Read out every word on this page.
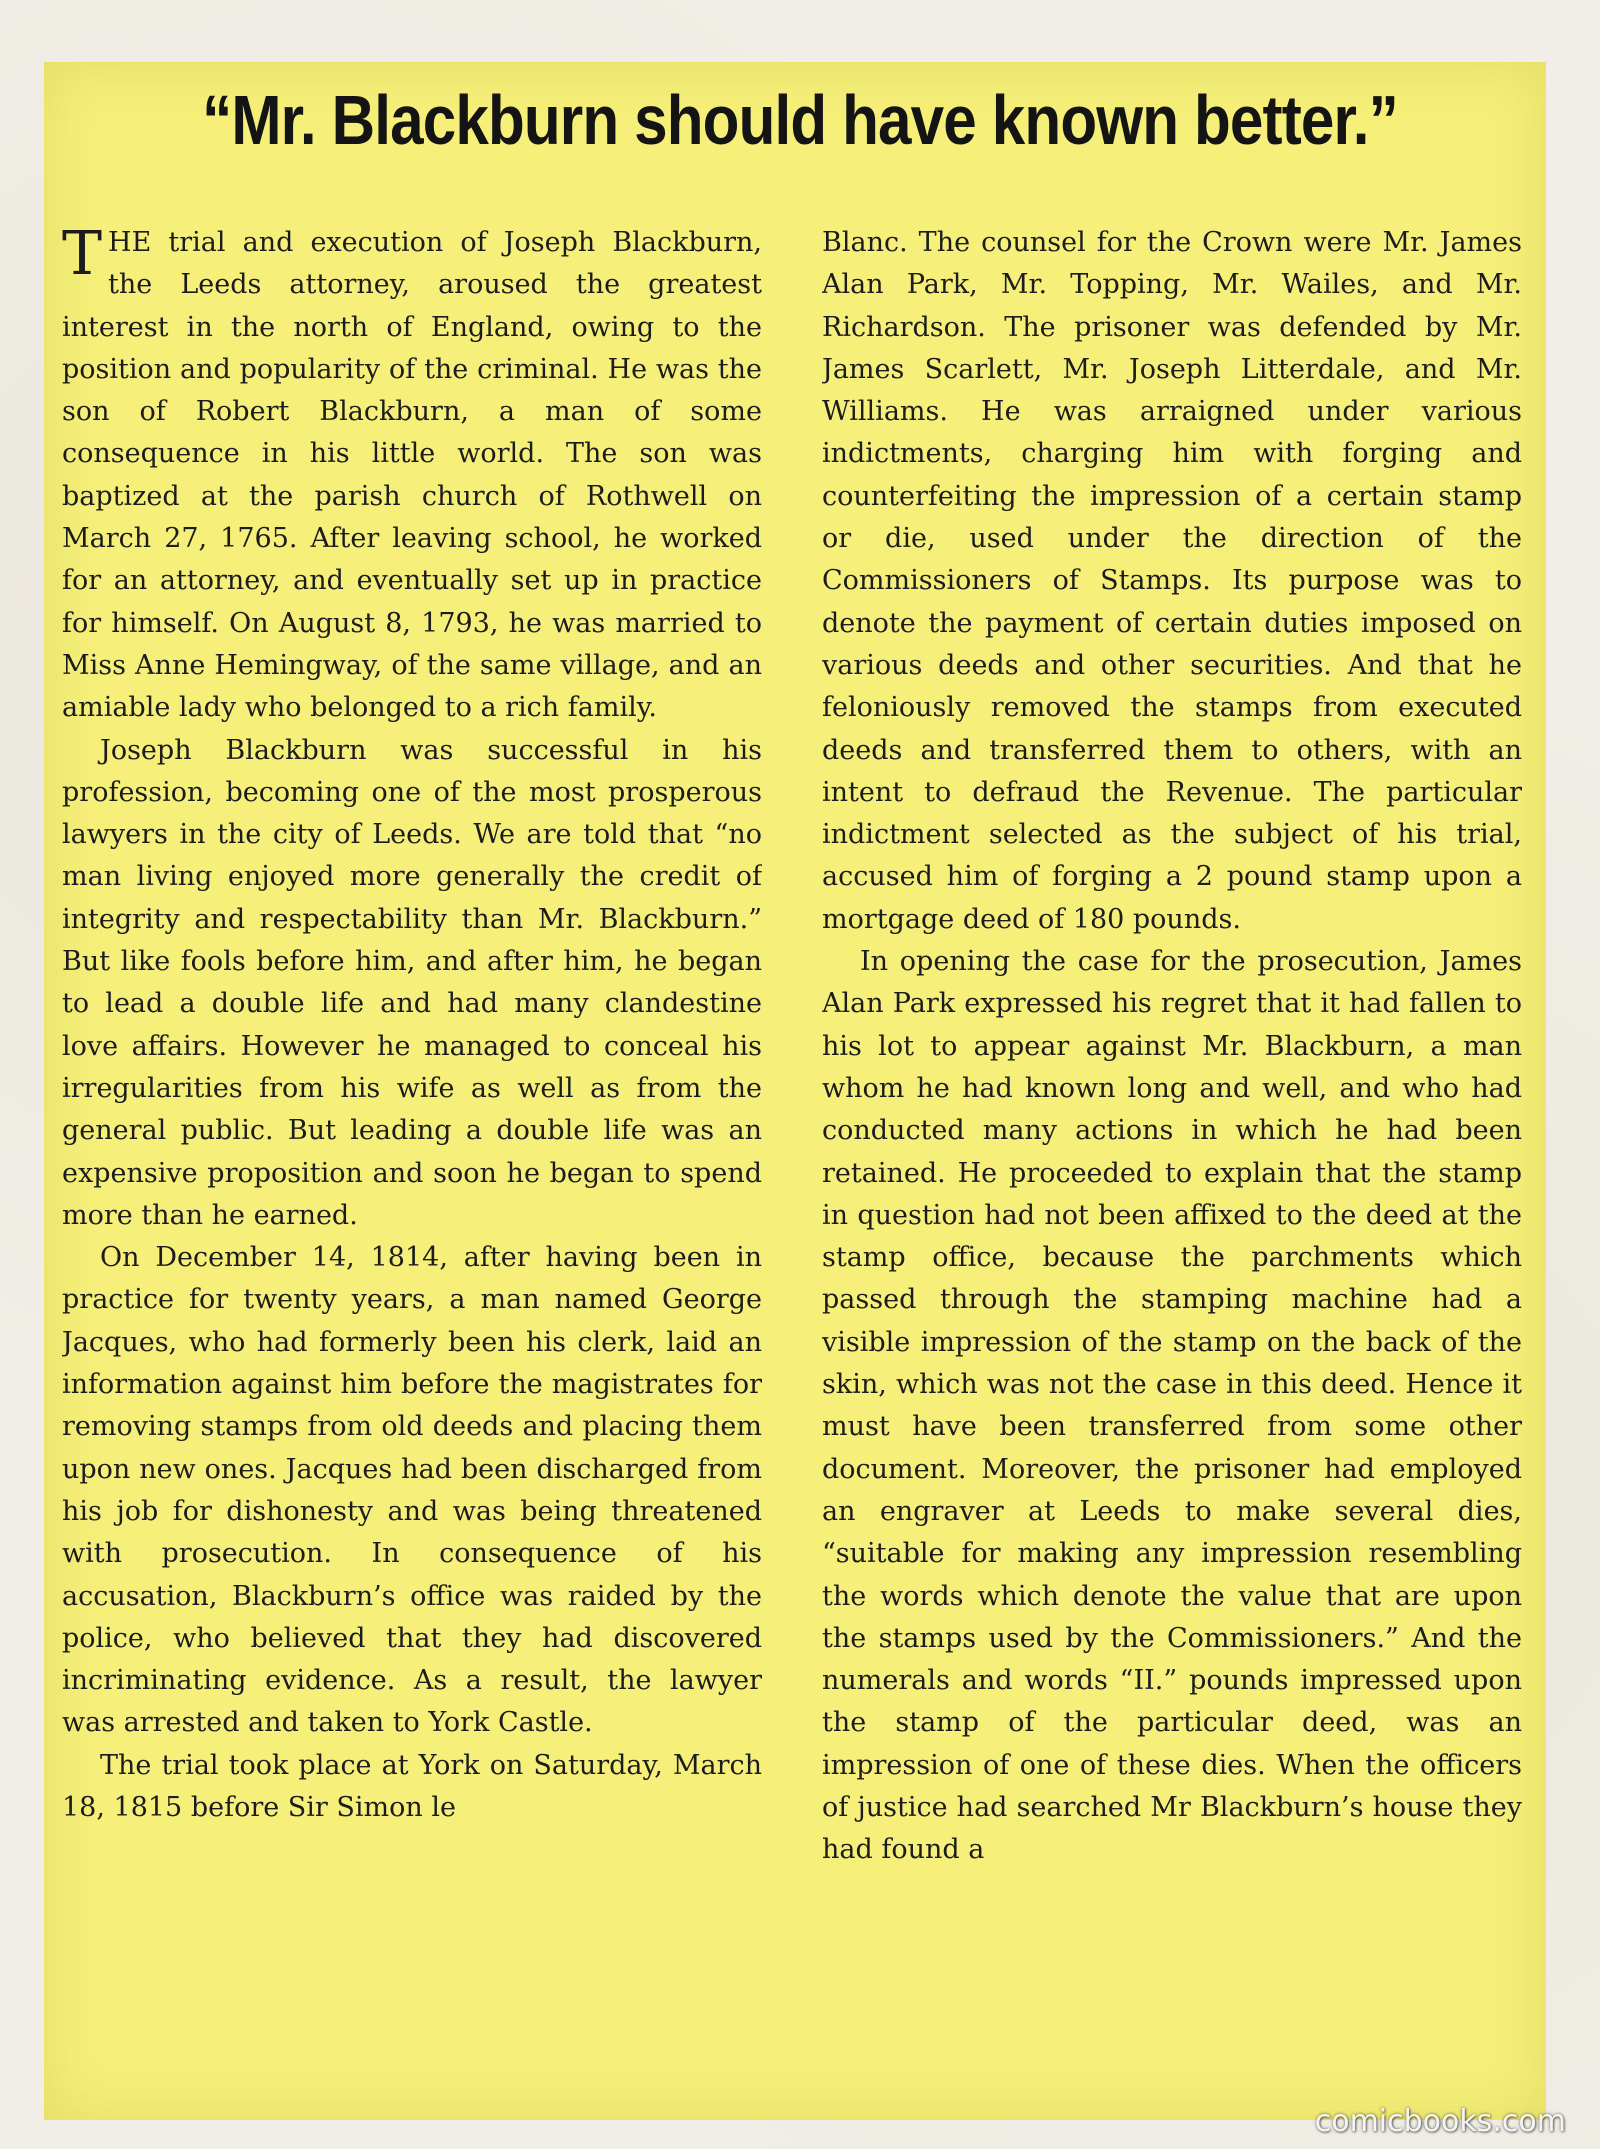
“Mr. Blackburn should have known better.”

THE trial and execution of Joseph Blackburn, the Leeds attorney, aroused the greatest interest in the north of England, owing to the position and popularity of the criminal. He was the son of Robert Blackburn, a man of some consequence in his little world. The son was baptized at the parish church of Rothwell on March 27, 1765. After leaving school, he worked for an attorney, and eventually set up in practice for himself. On August 8, 1793, he was married to Miss Anne Hemingway, of the same village, and an amiable lady who belonged to a rich family.

Joseph Blackburn was successful in his profession, becoming one of the most prosperous lawyers in the city of Leeds. We are told that “no man living enjoyed more generally the credit of integrity and respectability than Mr. Blackburn.” But like fools before him, and after him, he began to lead a double life and had many clandestine love affairs. However he managed to conceal his irregularities from his wife as well as from the general public. But leading a double life was an expensive proposition and soon he began to spend more than he earned.

On December 14, 1814, after having been in practice for twenty years, a man named George Jacques, who had formerly been his clerk, laid an information against him before the magistrates for removing stamps from old deeds and placing them upon new ones. Jacques had been discharged from his job for dishonesty and was being threatened with prosecution. In consequence of his accusation, Blackburn’s office was raided by the police, who believed that they had discovered incriminating evidence. As a result, the lawyer was arrested and taken to York Castle.

The trial took place at York on Saturday, March 18, 1815 before Sir Simon le

Blanc. The counsel for the Crown were Mr. James Alan Park, Mr. Topping, Mr. Wailes, and Mr. Richardson. The prisoner was defended by Mr. James Scarlett, Mr. Joseph Litterdale, and Mr. Williams. He was arraigned under various indictments, charging him with forging and counterfeiting the impression of a certain stamp or die, used under the direction of the Commissioners of Stamps. Its purpose was to denote the payment of certain duties imposed on various deeds and other securities. And that he feloniously removed the stamps from executed deeds and transferred them to others, with an intent to defraud the Revenue. The particular indictment selected as the subject of his trial, accused him of forging a 2 pound stamp upon a mortgage deed of 180 pounds.

In opening the case for the prosecution, James Alan Park expressed his regret that it had fallen to his lot to appear against Mr. Blackburn, a man whom he had known long and well, and who had conducted many actions in which he had been retained. He proceeded to explain that the stamp in question had not been affixed to the deed at the stamp office, because the parchments which passed through the stamping machine had a visible impression of the stamp on the back of the skin, which was not the case in this deed. Hence it must have been transferred from some other document. Moreover, the prisoner had employed an engraver at Leeds to make several dies, “suitable for making any impression resembling the words which denote the value that are upon the stamps used by the Commissioners.” And the numerals and words “II.” pounds impressed upon the stamp of the particular deed, was an impression of one of these dies. When the officers of justice had searched Mr Blackburn’s house they had found a

comicbooks.com
